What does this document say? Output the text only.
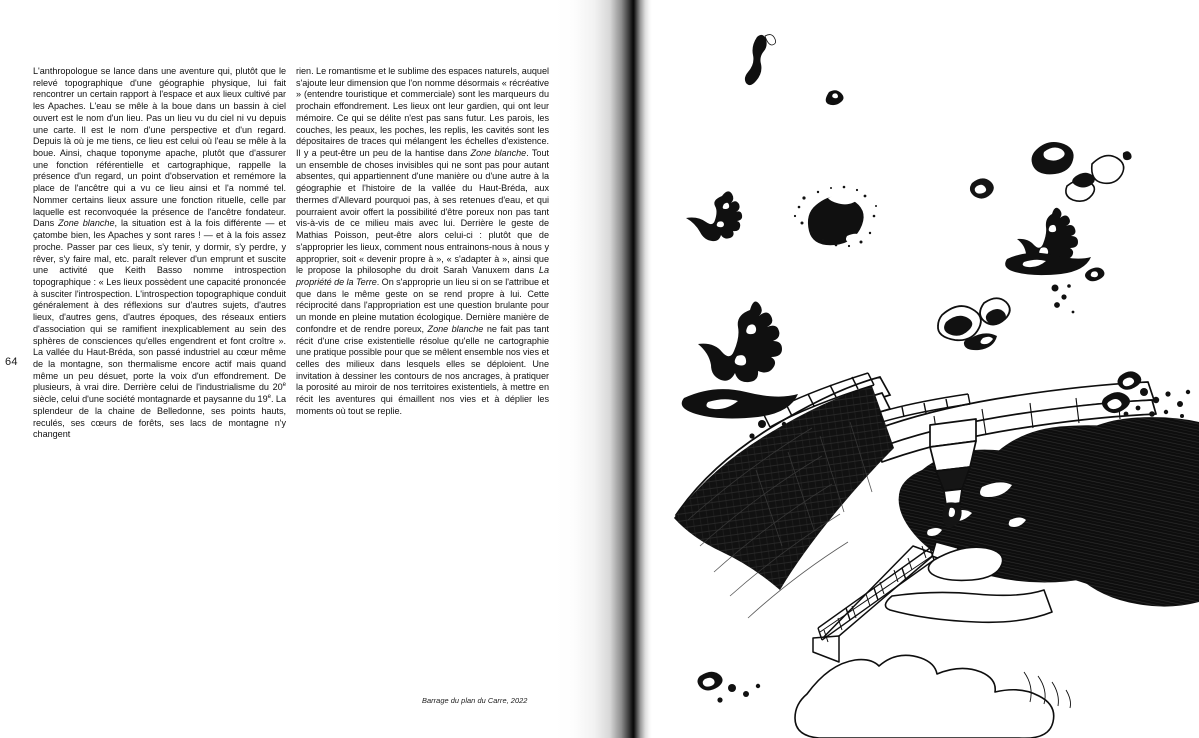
64

L'anthropologue se lance dans une aventure qui, plutôt que le relevé topographique d'une géographie physique, lui fait rencontrer un certain rapport à l'espace et aux lieux cultivé par les Apaches. L'eau se mêle à la boue dans un bassin à ciel ouvert est le nom d'un lieu. Pas un lieu vu du ciel ni vu depuis une carte. Il est le nom d'une perspective et d'un regard. Depuis là où je me tiens, ce lieu est celui où l'eau se mêle à la boue. Ainsi, chaque toponyme apache, plutôt que d'assurer une fonction référentielle et cartographique, rappelle la présence d'un regard, un point d'observation et remémore la place de l'ancêtre qui a vu ce lieu ainsi et l'a nommé tel. Nommer certains lieux assure une fonction rituelle, celle par laquelle est reconvoquée la présence de l'ancêtre fondateur. Dans Zone blanche, la situation est à la fois différente — et çatombe bien, les Apaches y sont rares ! — et à la fois assez proche. Passer par ces lieux, s'y tenir, y dormir, s'y perdre, y rêver, s'y faire mal, etc. paraît relever d'un emprunt et suscite une activité que Keith Basso nomme introspection topographique : « Les lieux possèdent une capacité prononcée à susciter l'introspection. L'introspection topographique conduit généralement à des réflexions sur d'autres sujets, d'autres lieux, d'autres gens, d'autres époques, des réseaux entiers d'association qui se ramifient inexplicablement au sein des sphères de consciences qu'elles engendrent et font croître ». La vallée du Haut-Bréda, son passé industriel au cœur même de la montagne, son thermalisme encore actif mais quand même un peu désuet, porte la voix d'un effondrement. De plusieurs, à vrai dire. Derrière celui de l'industrialisme du 20e siècle, celui d'une société montagnarde et paysanne du 19e. La splendeur de la chaine de Belledonne, ses points hauts, reculés, ses cœurs de forêts, ses lacs de montagne n'y changent

rien. Le romantisme et le sublime des espaces naturels, auquel s'ajoute leur dimension que l'on nomme désormais « récréative » (entendre touristique et commerciale) sont les marqueurs du prochain effondrement. Les lieux ont leur gardien, qui ont leur mémoire. Ce qui se délite n'est pas sans futur. Les parois, les couches, les peaux, les poches, les replis, les cavités sont les dépositaires de traces qui mélangent les échelles d'existence. Il y a peut-être un peu de la hantise dans Zone blanche. Tout un ensemble de choses invisibles qui ne sont pas pour autant absentes, qui appartiennent d'une manière ou d'une autre à la géographie et l'histoire de la vallée du Haut-Bréda, aux thermes d'Allevard pourquoi pas, à ses retenues d'eau, et qui pourraient avoir offert la possibilité d'être poreux non pas tant vis-à-vis de ce milieu mais avec lui. Derrière le geste de Mathias Poisson, peut-être alors celui-ci : plutôt que de s'approprier les lieux, comment nous entrainons-nous à nous y approprier, soit « devenir propre à », « s'adapter à », ainsi que le propose la philosophe du droit Sarah Vanuxem dans La propriété de la Terre. On s'approprie un lieu si on se l'attribue et que dans le même geste on se rend propre à lui. Cette réciprocité dans l'appropriation est une question brulante pour un monde en pleine mutation écologique. Dernière manière de confondre et de rendre poreux, Zone blanche ne fait pas tant récit d'une crise existentielle résolue qu'elle ne cartographie une pratique possible pour que se mêlent ensemble nos vies et celles des milieux dans lesquels elles se déploient. Une invitation à dessiner les contours de nos ancrages, à pratiquer la porosité au miroir de nos territoires existentiels, à mettre en récit les aventures qui émaillent nos vies et à déplier les moments où tout se replie.

Barrage du plan du Carre, 2022
